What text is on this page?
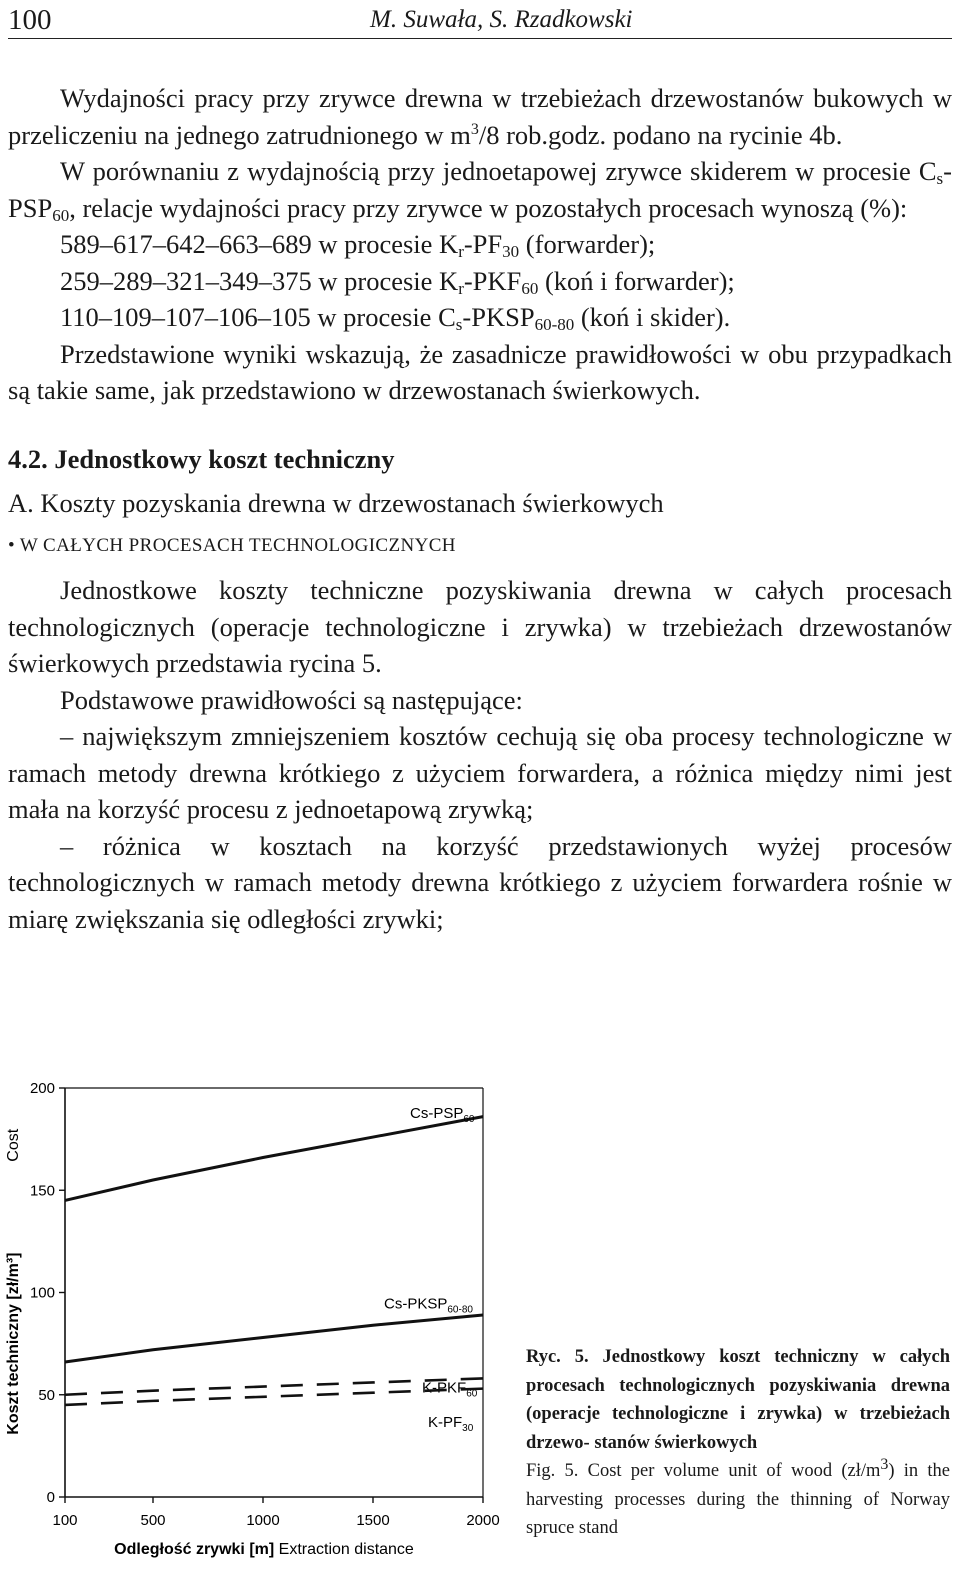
100	M. Suwała, S. Rzadkowski

Wydajności pracy przy zrywce drewna w trzebieżach drzewostanów bukowych w przeliczeniu na jednego zatrudnionego w $m^3/8$ rob.godz. podano na rycinie 4b.

W porównaniu z wydajnością przy jednoetapowej zrywce skiderem w procesie $C_s-PSP_{60}$, relacje wydajności pracy przy zrywce w pozostałych procesach wynoszą (%):

589–617–642–663–689 w procesie $K_r-PF_{30}$ (forwarder);

259–289–321–349–375 w procesie $K_r-PKF_{60}$ (koń i forwarder);

110–109–107–106–105 w procesie $C_s-PKSP_{60-80}$ (koń i skider).

Przedstawione wyniki wskazują, że zasadnicze prawidłowości w obu przypadkach są takie same, jak przedstawiono w drzewostanach świerkowych.

4.2. Jednostkowy koszt techniczny

A. Koszty pozyskania drewna w drzewostanach świerkowych

• W CAŁYCH PROCESACH TECHNOLOGICZNYCH

Jednostkowe koszty techniczne pozyskiwania drewna w całych procesach technologicznych (operacje technologiczne i zrywka) w trzebieżach drzewostanów świerkowych przedstawia rycina 5.

Podstawowe prawidłowości są następujące:

– największym zmniejszeniem kosztów cechują się oba procesy technologiczne w ramach metody drewna krótkiego z użyciem forwardera, a różnica między nimi jest mała na korzyść procesu z jednoetapową zrywką;

– różnica w kosztach na korzyść przedstawionych wyżej procesów technologicznych w ramach metody drewna krótkiego z użyciem forwardera rośnie w miarę zwiększania się odległości zrywki;

0
50
100
150
200
100	500	1000	1500	2000
Odległość zrywki [m] Extraction distance
Koszt techniczny [zł/m³]
Cost
$Cs-PSP_{60}$
$Cs-PKSP_{60-80}$
$K-PKF_{60}$
$K-PF_{30}$

Ryc. 5. Jednostkowy koszt techniczny w całych procesach technologicznych pozyskiwania drewna (operacje technologiczne i zrywka) w trzebieżach drzewo- stanów świerkowych

Fig. 5. Cost per volume unit of wood $(zł/m^3)$ in the harvesting processes during the thinning of Norway spruce stand
